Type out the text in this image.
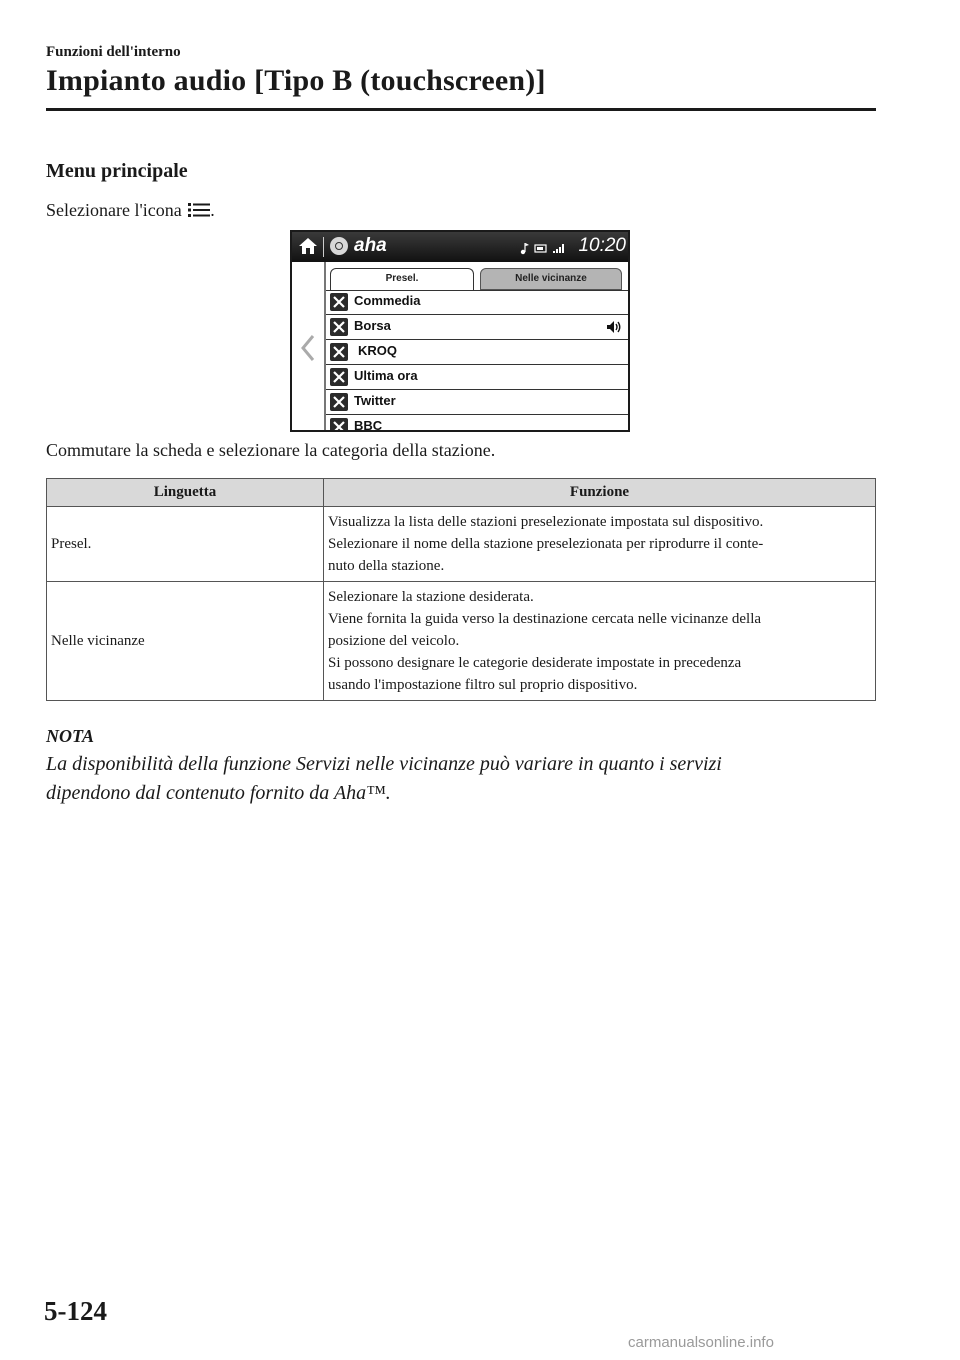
Funzioni dell'interno
Impianto audio [Tipo B (touchscreen)]
Menu principale
Selezionare l'icona .
aha	10:20
Presel.	Nelle vicinanze
Commedia
Borsa
KROQ
Ultima ora
Twitter
BBC
Commutare la scheda e selezionare la categoria della stazione.
Linguetta	Funzione
Presel.	Visualizza la lista delle stazioni preselezionate impostata sul dispositivo.
Selezionare il nome della stazione preselezionata per riprodurre il conte-
nuto della stazione.

Nelle vicinanze	Selezionare la stazione desiderata.
Viene fornita la guida verso la destinazione cercata nelle vicinanze della
posizione del veicolo.
Si possono designare le categorie desiderate impostate in precedenza
usando l'impostazione filtro sul proprio dispositivo.
NOTA
La disponibilità della funzione Servizi nelle vicinanze può variare in quanto i servizi
dipendono dal contenuto fornito da Aha™.
5-124
carmanualsonline.info
